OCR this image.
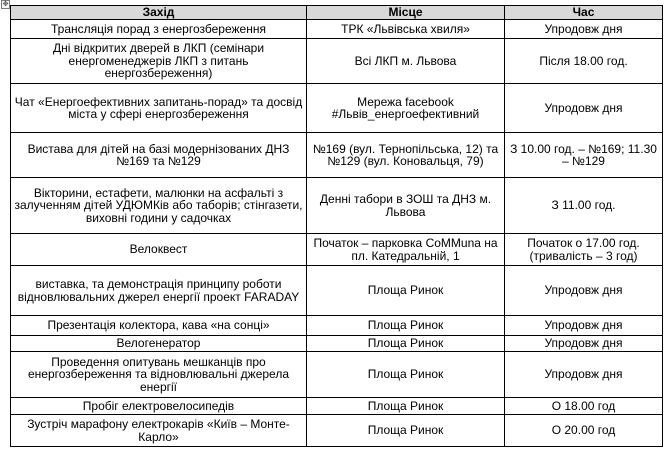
✥
Захід	Місце	Час
Трансляція порад з енергозбереження	ТРК «Львівська хвиля»	Упродовж дня
Дні відкритих дверей в ЛКП (семінари енергоменеджерів ЛКП з питань енергозбереження)	Всі ЛКП м. Львова	Після 18.00 год.
Чат «Енергоефективних запитань-порад» та досвід міста у сфері енергозбереження	Мережа facebook #Львів_енергоефективний	Упродовж дня
Вистава для дітей на базі модернізованих ДНЗ №169 та №129	№169 (вул. Тернопільська, 12) та №129 (вул. Коновальця, 79)	З 10.00 год. – №169; 11.30 – №129
Вікторини, естафети, малюнки на асфальті з залученням дітей УДЮМКів або таборів; стінгазети, виховні години у садочках	Денні табори в ЗОШ та ДНЗ м. Львова	З 11.00 год.
Велоквест	Початок – парковка CoMMuna на пл. Катедральній, 1	Початок о 17.00 год. (тривалість – 3 год)
виставка, та демонстрація принципу роботи відновлювальних джерел енергії проект FARADAY	Площа Ринок	Упродовж дня
Презентація колектора, кава «на сонці»	Площа Ринок	Упродовж дня
Велогенератор	Площа Ринок	Упродовж дня
Проведення опитувань мешканців про енергозбереження та відновлювальні джерела енергії	Площа Ринок	Упродовж дня
Пробіг електровелосипедів	Площа Ринок	О 18.00 год
Зустріч марафону електрокарів «Київ – Монте-Карло»	Площа Ринок	О 20.00 год
